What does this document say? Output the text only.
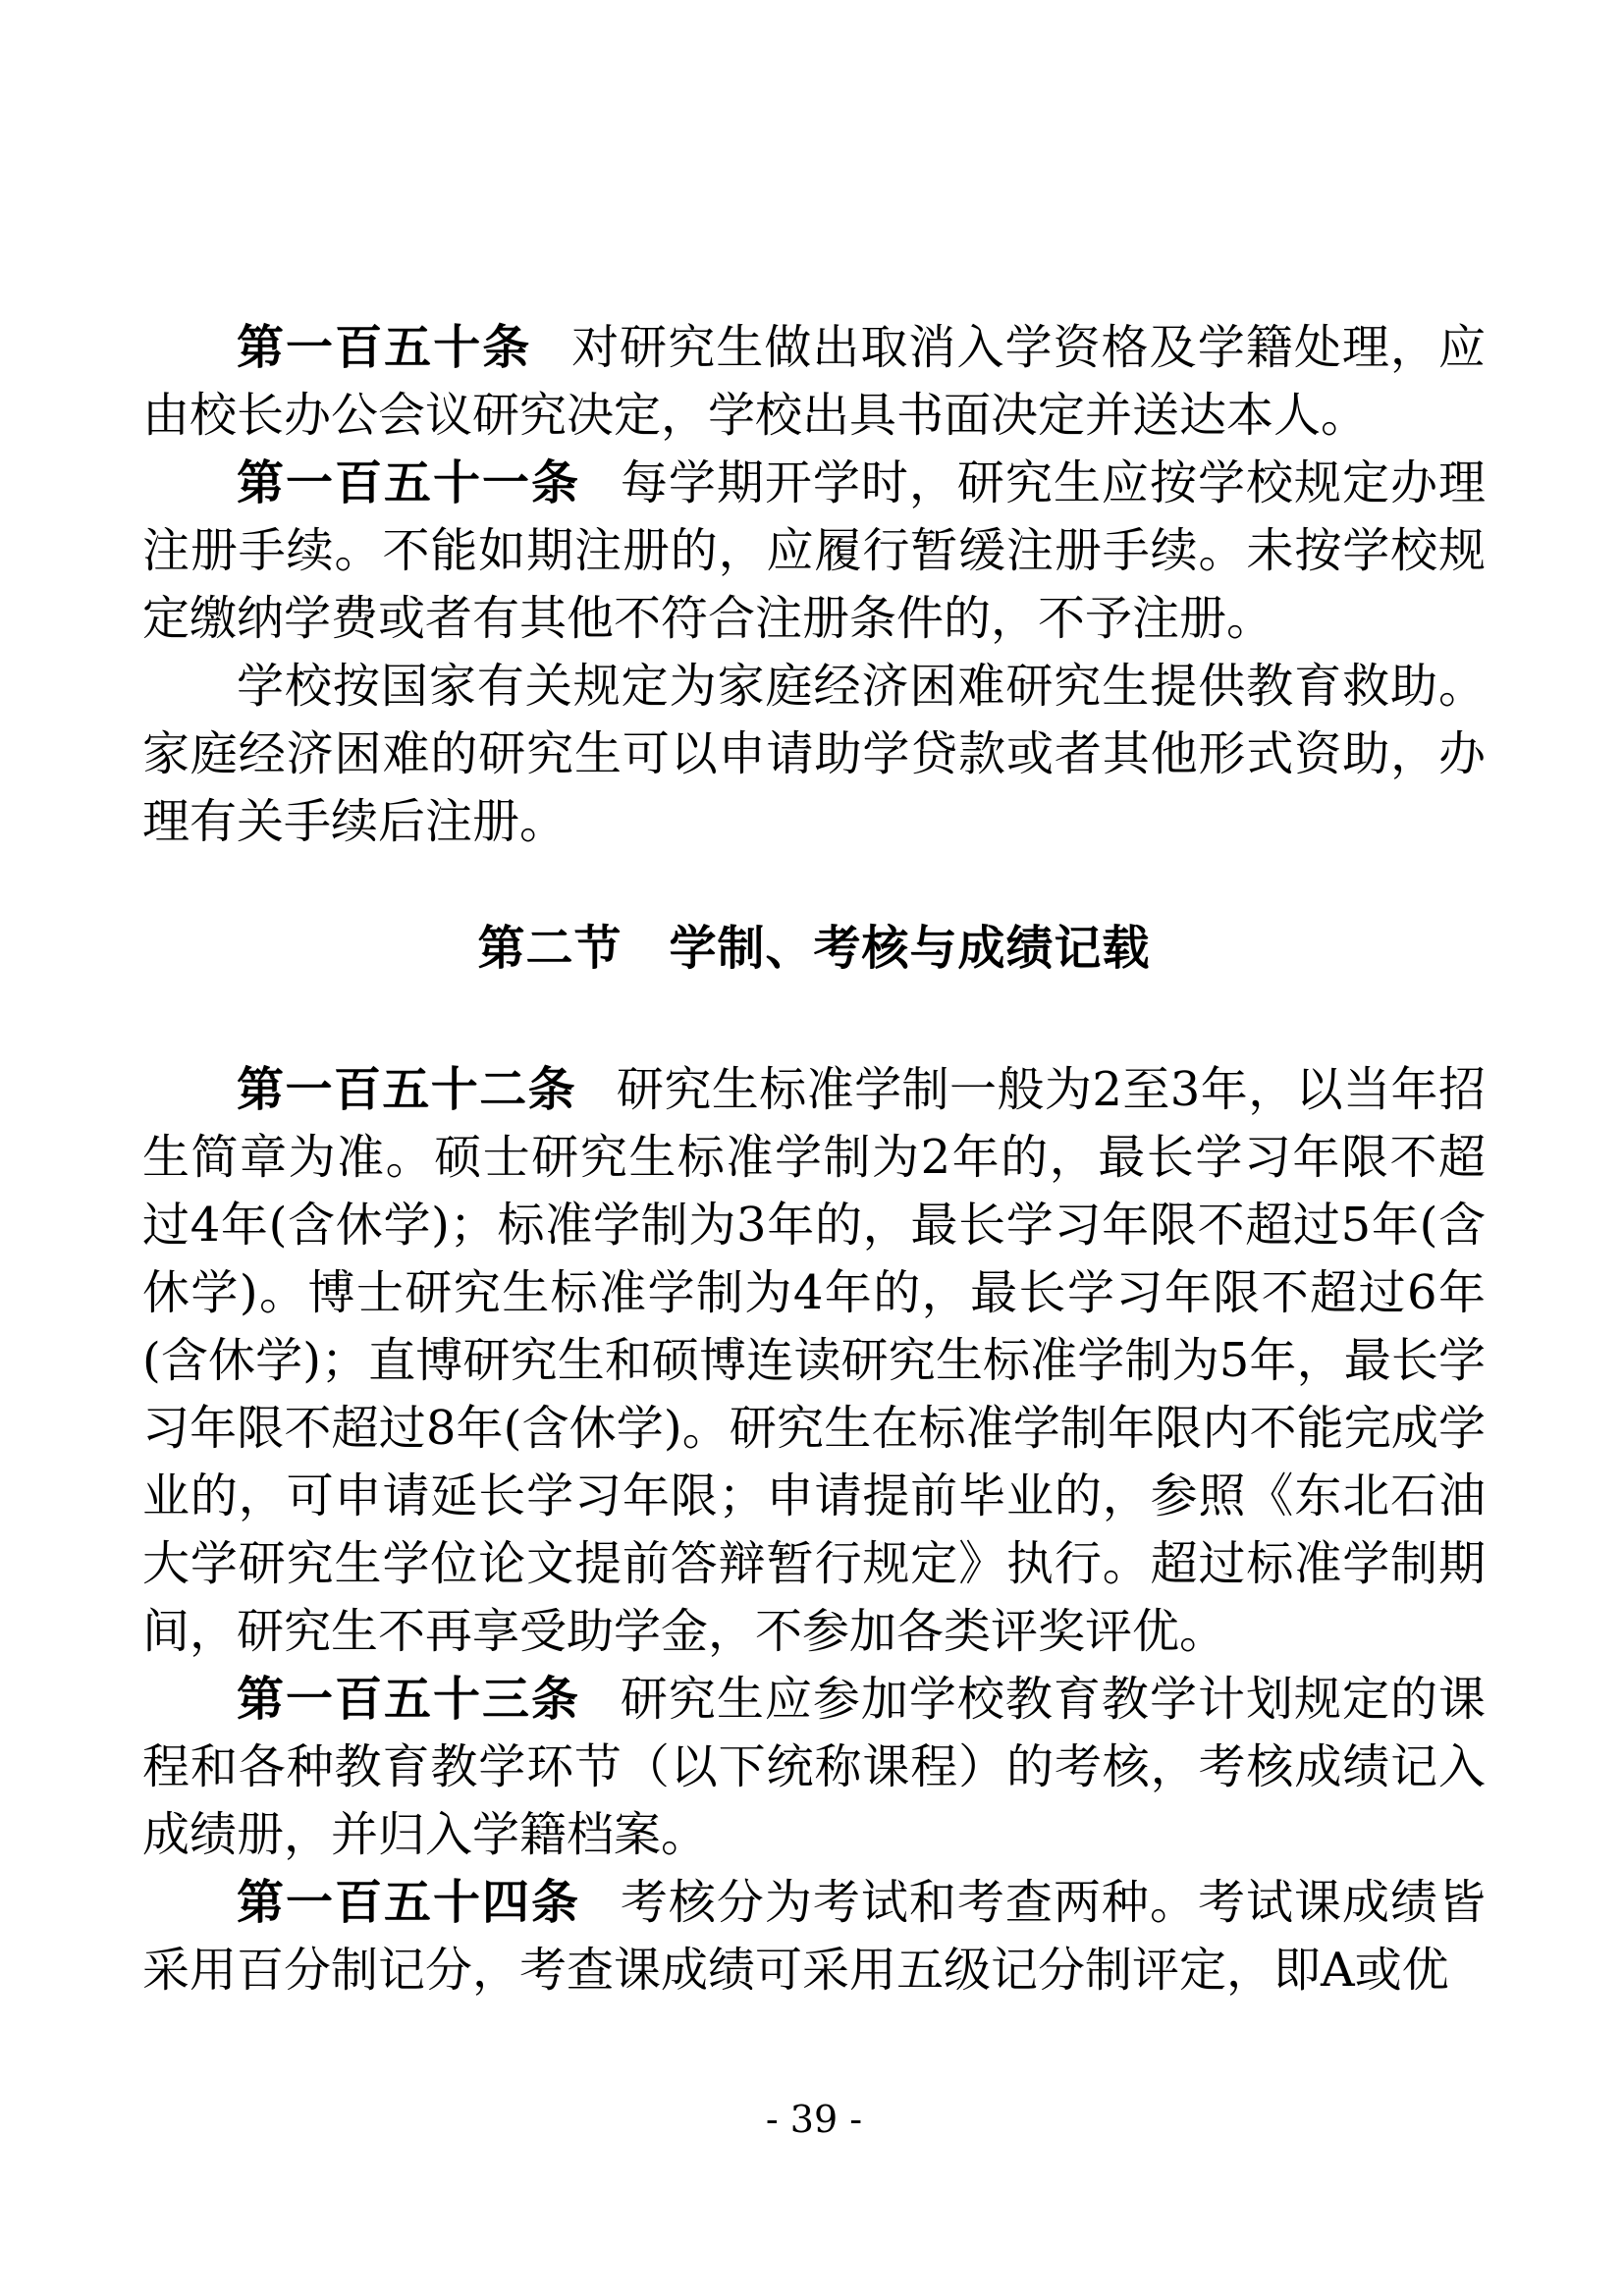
第一百五十条 对研究生做出取消入学资格及学籍处理，应由校长办公会议研究决定，学校出具书面决定并送达本人。

第一百五十一条 每学期开学时，研究生应按学校规定办理注册手续。不能如期注册的，应履行暂缓注册手续。未按学校规定缴纳学费或者有其他不符合注册条件的，不予注册。

学校按国家有关规定为家庭经济困难研究生提供教育救助。家庭经济困难的研究生可以申请助学贷款或者其他形式资助，办理有关手续后注册。

第二节 学制、考核与成绩记载

第一百五十二条 研究生标准学制一般为2至3年，以当年招生简章为准。硕士研究生标准学制为2年的，最长学习年限不超过4年(含休学)；标准学制为3年的，最长学习年限不超过5年(含休学)。博士研究生标准学制为4年的，最长学习年限不超过6年(含休学)；直博研究生和硕博连读研究生标准学制为5年，最长学习年限不超过8年(含休学)。研究生在标准学制年限内不能完成学业的，可申请延长学习年限；申请提前毕业的，参照《东北石油大学研究生学位论文提前答辩暂行规定》执行。超过标准学制期间，研究生不再享受助学金，不参加各类评奖评优。

第一百五十三条 研究生应参加学校教育教学计划规定的课程和各种教育教学环节（以下统称课程）的考核，考核成绩记入成绩册，并归入学籍档案。

第一百五十四条 考核分为考试和考查两种。考试课成绩皆采用百分制记分，考查课成绩可采用五级记分制评定，即A或优

- 39 -
